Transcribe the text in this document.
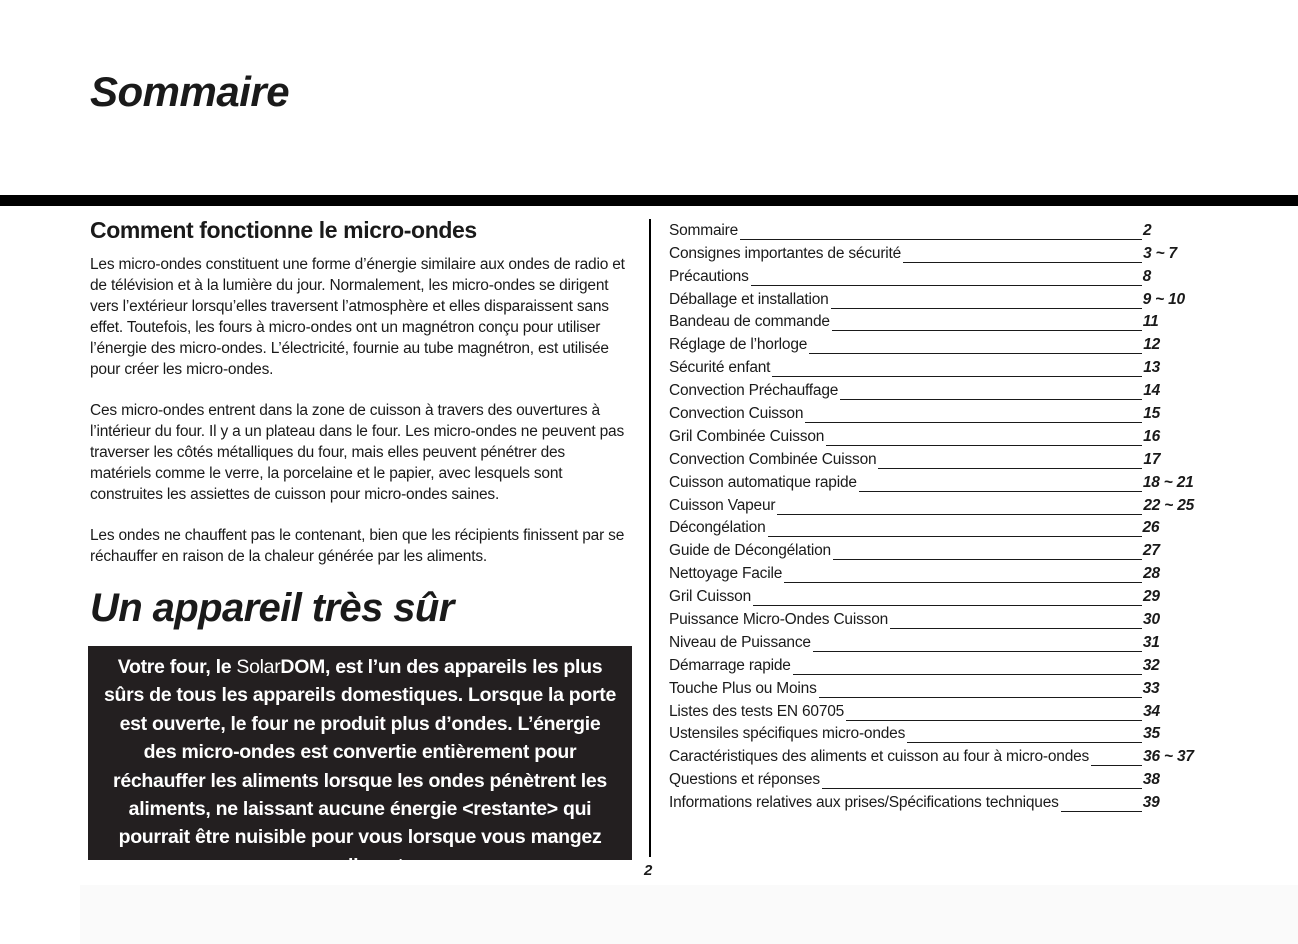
Sommaire
Comment fonctionne le micro-ondes

Les micro-ondes constituent une forme d’énergie similaire aux ondes de radio et de télévision et à la lumière du jour. Normalement, les micro-ondes se dirigent vers l’extérieur lorsqu’elles traversent l’atmosphère et elles disparaissent sans effet. Toutefois, les fours à micro-ondes ont un magnétron conçu pour utiliser l’énergie des micro-ondes. L’électricité, fournie au tube magnétron, est utilisée pour créer les micro-ondes.

Ces micro-ondes entrent dans la zone de cuisson à travers des ouvertures à l’intérieur du four. Il y a un plateau dans le four. Les micro-ondes ne peuvent pas traverser les côtés métalliques du four, mais elles peuvent pénétrer des matériels comme le verre, la porcelaine et le papier, avec lesquels sont construites les assiettes de cuisson pour micro-ondes saines.

Les ondes ne chauffent pas le contenant, bien que les récipients finissent par se réchauffer en raison de la chaleur générée par les aliments.

Un appareil très sûr
Votre four, le SolarDOM, est l’un des appareils les plus sûrs de tous les appareils domestiques. Lorsque la porte est ouverte, le four ne produit plus d’ondes. L’énergie des micro-ondes est convertie entièrement pour réchauffer les aliments lorsque les ondes pénètrent les aliments, ne laissant aucune énergie <restante> qui pourrait être nuisible pour vous lorsque vous mangez ces aliments.
Sommaire	2
Consignes importantes de sécurité	3 ~ 7
Précautions	8
Déballage et installation	9 ~ 10
Bandeau de commande	11
Réglage de l’horloge	12
Sécurité enfant	13
Convection Préchauffage	14
Convection Cuisson	15
Gril Combinée Cuisson	16
Convection Combinée Cuisson	17
Cuisson automatique rapide	18 ~ 21
Cuisson Vapeur	22 ~ 25
Décongélation	26
Guide de Décongélation	27
Nettoyage Facile	28
Gril Cuisson	29
Puissance Micro-Ondes Cuisson	30
Niveau de Puissance	31
Démarrage rapide	32
Touche Plus ou Moins	33
Listes des tests EN 60705	34
Ustensiles spécifiques micro-ondes	35
Caractéristiques des aliments et cuisson au four à micro-ondes	36 ~ 37
Questions et réponses	38
Informations relatives aux prises/Spécifications techniques	39
2
